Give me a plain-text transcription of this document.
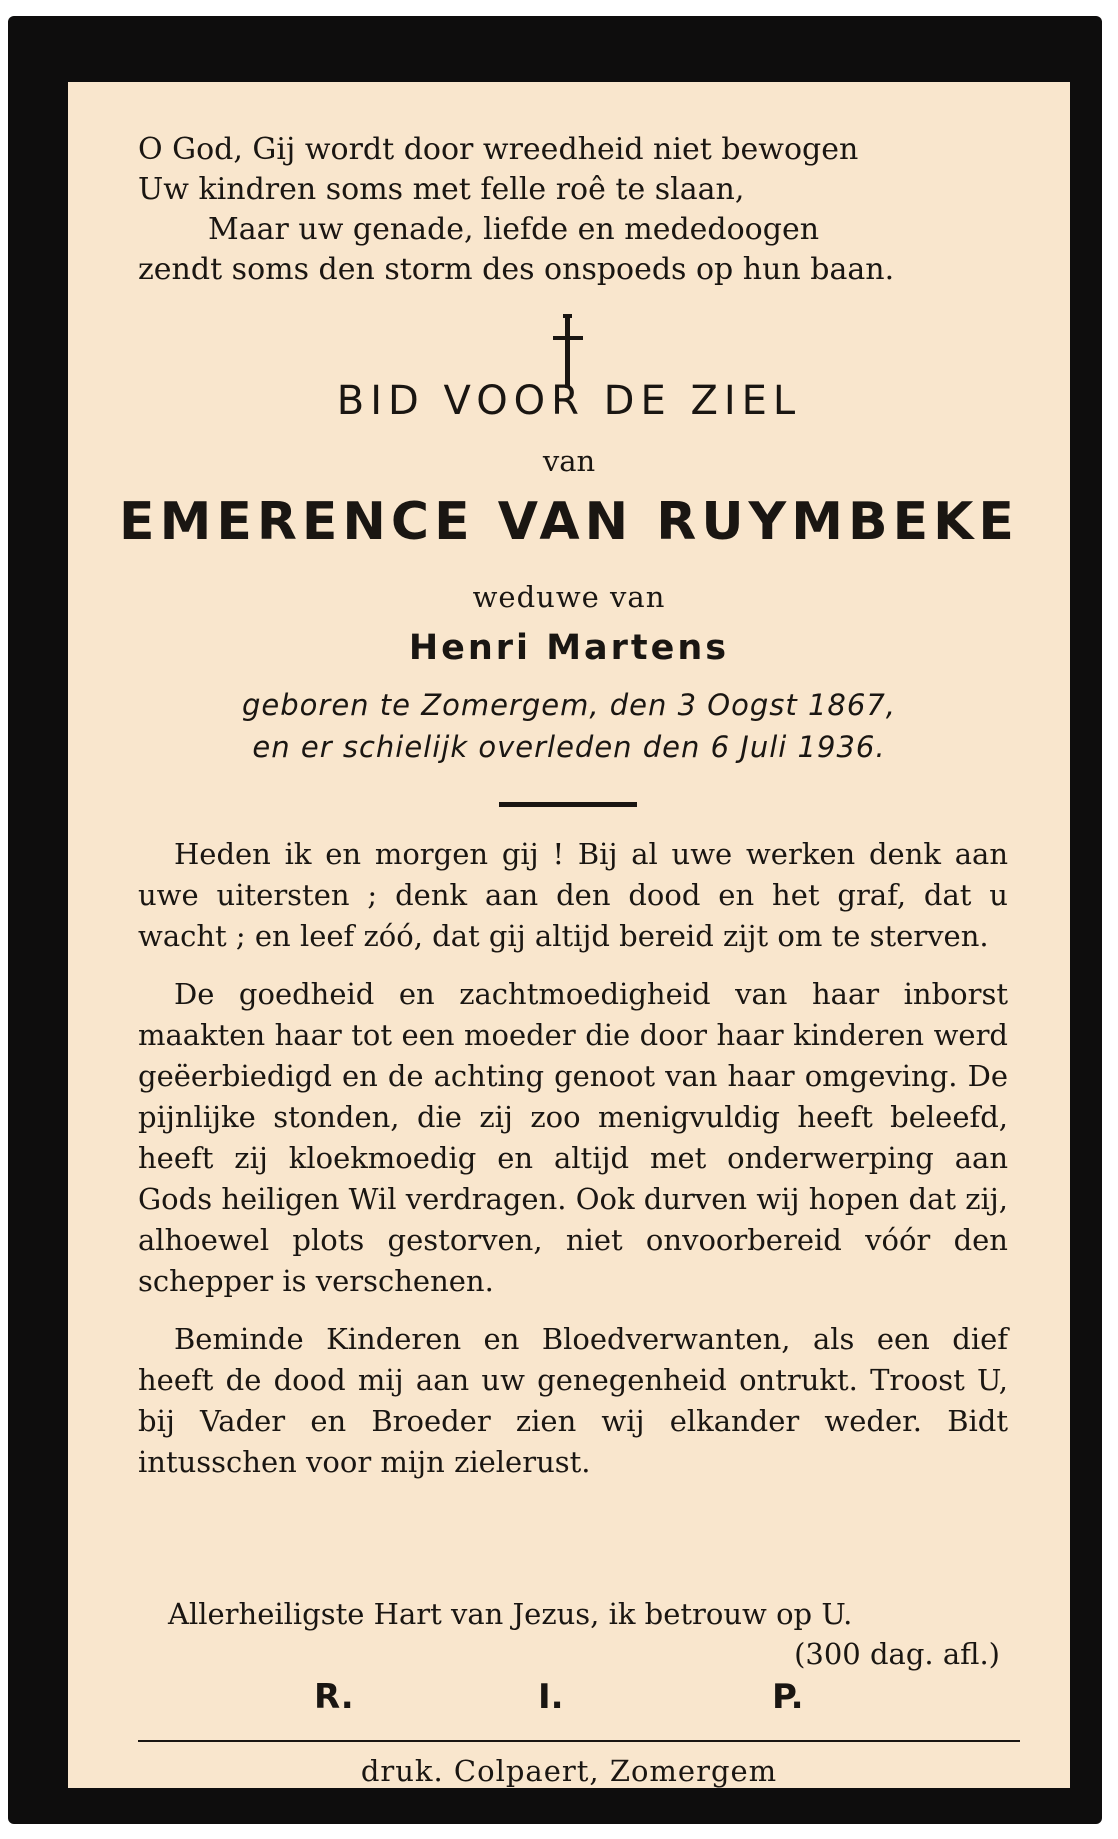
O God, Gij wordt door wreedheid niet bewogen
Uw kindren soms met felle roê te slaan,
Maar uw genade, liefde en mededoogen
zendt soms den storm des onspoeds op hun baan.
BID VOOR DE ZIEL
van
EMERENCE VAN RUYMBEKE
weduwe van
Henri Martens
geboren te Zomergem, den 3 Oogst 1867,
en er schielijk overleden den 6 Juli 1936.

Heden ik en morgen gij ! Bij al uwe werken denk aan uwe uitersten ; denk aan den dood en het graf, dat u wacht ; en leef zóó, dat gij altijd bereid zijt om te sterven.

De goedheid en zachtmoedigheid van haar inborst maakten haar tot een moeder die door haar kinderen werd geëerbiedigd en de achting genoot van haar omgeving. De pijnlijke stonden, die zij zoo menigvuldig heeft beleefd, heeft zij kloekmoedig en altijd met onderwerping aan Gods heiligen Wil verdragen. Ook durven wij hopen dat zij, alhoewel plots gestorven, niet onvoorbereid vóór den schepper is verschenen.

Beminde Kinderen en Bloedverwanten, als een dief heeft de dood mij aan uw genegenheid ontrukt. Troost U, bij Vader en Broeder zien wij elkander weder. Bidt intusschen voor mijn zielerust.

Allerheiligste Hart van Jezus, ik betrouw op U.
(300 dag. afl.)
R.	I.	P.
druk. Colpaert, Zomergem
